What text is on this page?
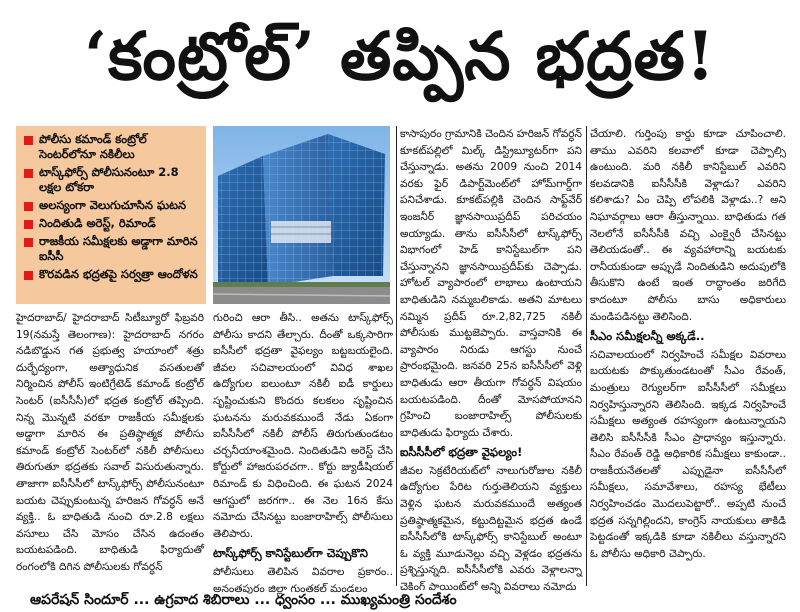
‘కంట్రోల్’ తప్పిన భద్రత!
పోలీసు కమాండ్ కంట్రోల్ సెంటర్‌లోనూ నకిలీలు
టాస్క్‌ఫోర్స్ పోలీసునంటూ 2.8 లక్షల టోకరా
అలస్యంగా వెలుగుచూసిన ఘటన
నిందితుడి అరెస్ట్, రిమాండ్
రాజకీయ సమీక్షలకు అడ్డాగా మారిన ఐసీసీ
కొరవడిన భద్రతపై సర్వత్రా ఆందోళన

హైదరాబాద్/ హైదరాబాద్ సిటీబ్యూరో ఫిబ్రవరి 19(నమస్తే తెలంగాణ): హైదరాబాద్ నగరం నడిబొడ్డున గత ప్రభుత్వ హయాంలో శత్రు దుర్భేద్యంగా, అత్యాధునిక వసతులతో నిర్మించిన పోలీస్ ఇంటిగ్రేటెడ్ కమాండ్ కంట్రోల్ సెంటర్ (ఐసీసీసీ)లో భద్రత కంట్రోల్ తప్పింది. నిన్న మొన్నటి వరకూ రాజకీయ సమీక్షలకు అడ్డాగా మారిన ఈ ప్రతిష్ఠాత్మక పోలీసు కమాండ్ కంట్రోల్ సెంటర్‌లో నకిలీ పోలీసులు తిరుగుతూ భద్రతకు సవాల్ విసురుతున్నారు. తాజాగా ఐసీసీసీలో టాస్క్‌ఫోర్స్ పోలీసునంటూ బయట చెప్పుకుంటున్న హరిజన గోవర్ధన్ అనే వ్యక్తి.. ఓ బాధితుడి నుంచి రూ.2.8 లక్షలు వసూలు చేసి మోసం చేసిన ఉదంతం బయటపడింది. బాధితుడి ఫిర్యాదుతో రంగంలోకి దిగిన పోలీసులకు గోవర్ధన్

గురించి ఆరా తీసి.. అతను టాస్క్‌ఫోర్స్ పోలీసు కాదని తేల్చారు. దీంతో ఒక్కసారిగా ఐసీసీలో భద్రతా వైఫల్యం బట్టబయలైంది. జీవల సచివాలయంలో వివిధ శాఖల ఉద్యోగుల ఐలుంటూ నకిలీ ఐడీ కార్డులు సృష్టించుకుని కొందరు కలకలం సృష్టించిన ఘటనను మరువకముందే నేడు ఏకంగా ఐసీసీసీలో నకిలీ పోలీస్ తిరుగుతుండటం చర్చనీయాంశమైంది. నిందితుడిని అరెస్ట్ చేసి కోర్టులో హాజరుపరచగా.. కోర్టు జ్యుడీషియల్ రిమాండ్ కు విధించింది. ఈ ఘటన 2024 ఆగస్టులో జరగగా.. ఈ నెల 16న కేసు నమోదు చేసినట్టు బంజారాహిల్స్ పోలీసులు తెలిపారు.

టాస్క్‌ఫోర్స్ కానిస్టేబుల్‌గా చెప్పుకొని

పోలీసులు తెలిపిన వివరాల ప్రకారం.. అనంతపురం జిల్లా గుంతకల్ మండలం

కాసాపురం గ్రామానికి చెందిన హరిజన్ గోవర్ధన్ కూకట్‌పల్లిలో మిల్క్ డిస్ట్రిబ్యూటర్‌గా పని చేస్తున్నాడు. అతను 2009 నుంచి 2014 వరకు ఫైర్ డిపార్ట్‌మెంట్‌లో హోమ్‌గార్డ్‌గా పనిచేశాడు. కూకట్‌పల్లికి చెందిన సాఫ్ట్‌వేర్ ఇంజనీర్ జ్ఞానసాయిప్రదీప్ పరిచయం అయ్యాడు. తాను ఐసీసీసీలో టాస్క్‌ఫోర్స్ విభాగంలో హెడ్ కానిస్టేబుల్‌గా పని చేస్తున్నానని జ్ఞానసాయిప్రదీప్‌కు చెప్పాడు. హోటల్ వ్యాపారంలో లాభాలు ఉంటాయని బాధితుడిని నమ్మబలికాడు. అతని మాటలు నమ్మిన ప్రదీప్ రూ.2,82,725 నకిలీ పోలీసుకు ముట్టజెప్పారు. వాస్తవానికి ఈ వ్యాపారం నిరుడు ఆగస్టు నుంచే ప్రారంభమైంది. జనవరి 25న ఐసీసీసీలో వెళ్లి బాధితుడు ఆరా తీయగా గోవర్ధన్ విషయం బయటపడింది. దీంతో మోసపోయానని గ్రహించి బంజారాహిల్స్ పోలీసులకు బాధితుడు ఫిర్యాదు చేశారు.

ఐసీసీసీలో భద్రతా వైఫల్యం!

జీవల సెక్రటేరియట్‌లో నాలుగురోజుల నకిలీ ఉద్యోగుల పేరిట గుర్తుతెలియని వ్యక్తులు వెళ్లిన ఘటన మరువకముందే అత్యంత ప్రతిష్ఠాత్మకమైన, కట్టుదిట్టమైన భద్రత ఉండే ఐసీసీసీలోకి టాస్క్‌ఫోర్స్ కానిస్టేబుల్ అంటూ ఓ వ్యక్తి మూడునెల్లు వచ్చి వెళ్లడం భద్రతను ప్రశ్నిస్తున్నది. ఐసీసీసీలోకి ఎవరు వెళ్లాలన్నా చెకింగ్ పాయింట్‌లో అన్ని వివరాలు నమోదు

చేయాలి. గుర్తింపు కార్డు కూడా చూపించాలి. తాము ఎవరిని కలవాలో కూడా చెప్పాల్సి ఉంటుంది. మరి నకిలీ కానిస్టేబుల్ ఎవరిని కలవడానికి ఐసీసీసీకి వెళ్లాడు? ఎవరిని కలిశాడు? ఏం చెప్పి లోపలికి వెళ్లాడు..? అని నిఘావర్గాలు ఆరా తీస్తున్నాయి. బాధితుడు గత నెలలోనే ఐసీసీసీకి వచ్చి ఎంక్వైరీ చేసినట్టు తెలియడంతో.. ఈ వ్యవహారాన్ని బయటకు రానీయకుండా అప్పుడే నిందితుడిని అదుపులోకి తీసుకొని ఉంటే ఇంత రాద్ధాంతం జరిగేది కాదంటూ పోలీసు బాసు అధికారులు మండిపడినట్టు తెలిసింది.

సీఎం సమీక్షలన్నీ అక్కడే..

సచివాలయంలో నిర్వహించే సమీక్షల వివరాలు బయటకు పొక్కుతుండటంతో సీఎం రేవంత్, మంత్రులు రెగ్యులర్‌గా ఐసీసీసీలో సమీక్షలు నిర్వహిస్తున్నారని తెలిసింది. ఇక్కడ నిర్వహించే సమీక్షలు అత్యంత రహస్యంగా ఉంటున్నాయని తెలిసి ఐసీసీసీకి సీఎం ప్రాధాన్యం ఇస్తున్నారు. సీఎం రేవంత్ రెడ్డి అధికారిక సమీక్షలు కాకుండా.. రాజకీయనేతలతో ఎప్పుడైనా ఐసీసీసీలో సమీక్షలు, సమావేశాలు, రహస్య భేటీలు నిర్వహించడం మొదలుపెట్టారో.. అప్పటి నుంచే భద్రత సన్నగిల్లిందని, కాంగ్రెస్ నాయకులు తాకిడి పెట్టడంతో ఇక్కడికి కూడా నకిలీలు వస్తున్నారని ఓ పోలీసు అధికారి చెప్పారు.

ఆపరేషన్ సిందూర్ ... ఉగ్రవాద శిబిరాలు ... ధ్వంసం ... ముఖ్యమంత్రి సందేశం
